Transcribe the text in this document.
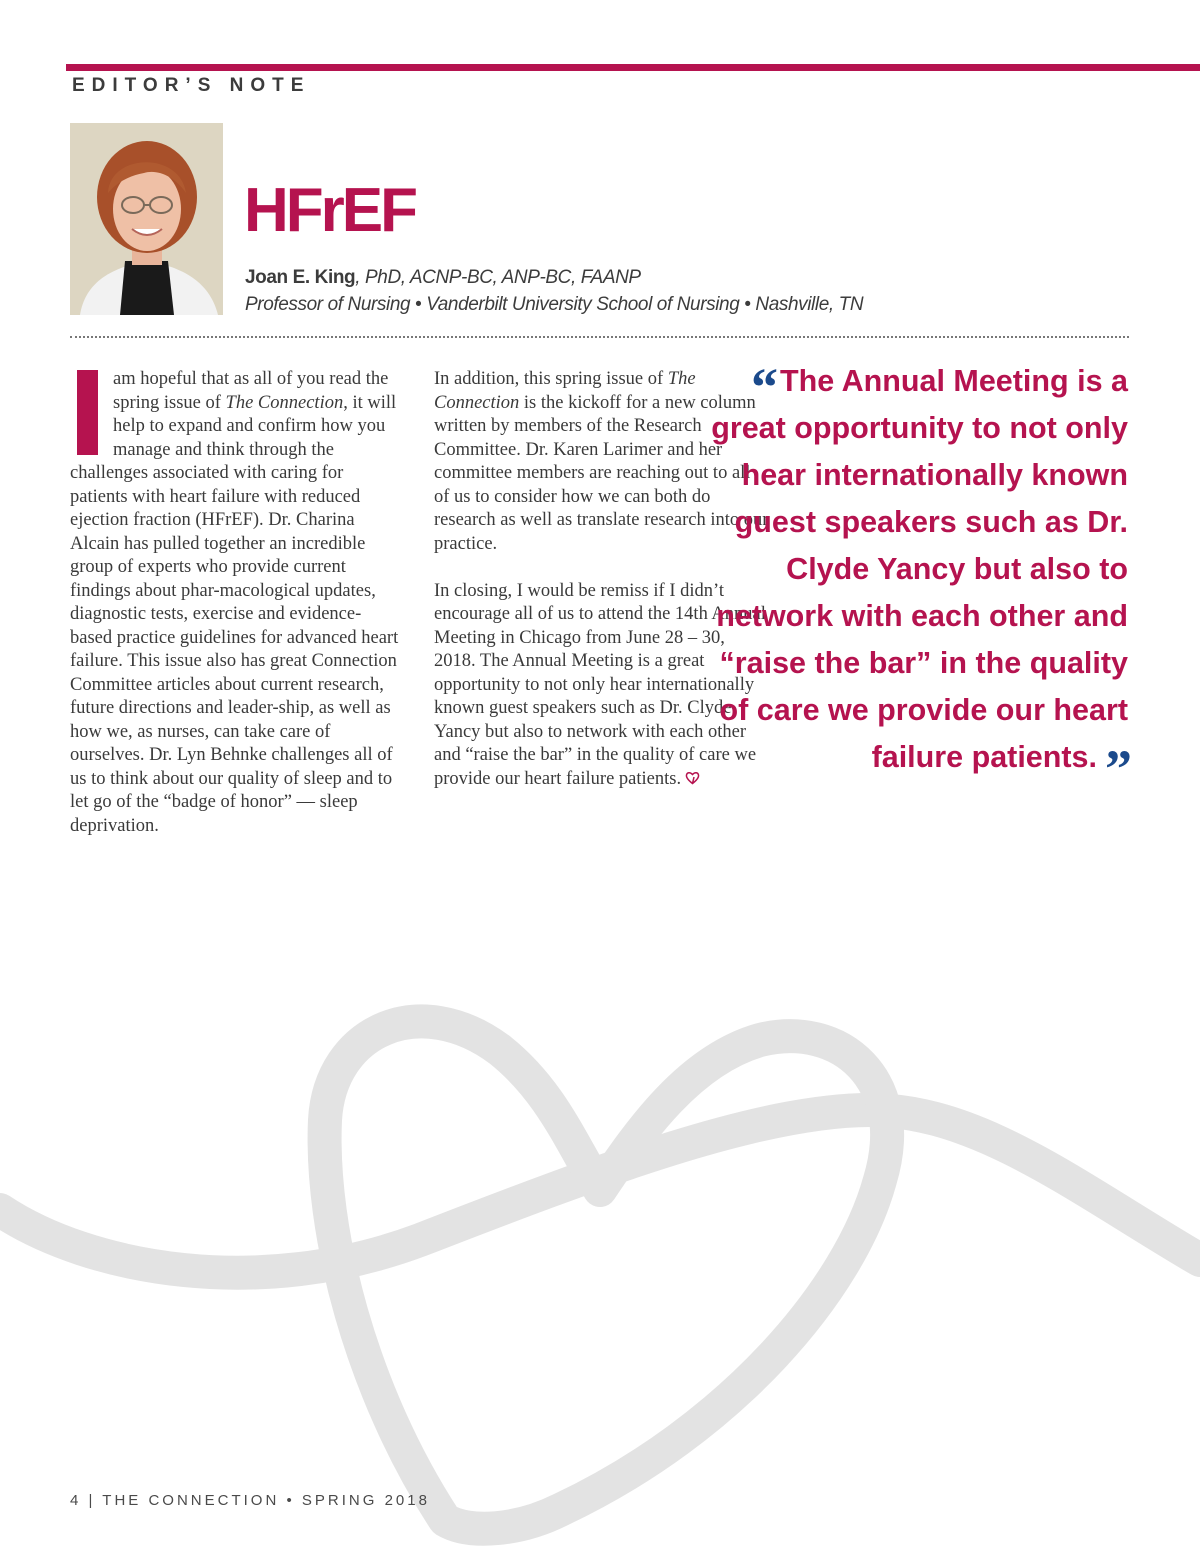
EDITOR’S NOTE
HFrEF
Joan E. King, PhD, ACNP-BC, ANP-BC, FAANP
Professor of Nursing • Vanderbilt University School of Nursing • Nashville, TN

am hopeful that as all of you read the spring issue of The Connection, it will help to expand and confirm how you manage and think through the challenges associated with caring for patients with heart failure with reduced ejection fraction (HFrEF). Dr. Charina Alcain has pulled together an incredible group of experts who provide current findings about phar-macological updates, diagnostic tests, exercise and evidence-based practice guidelines for advanced heart failure. This issue also has great Connection Committee articles about current research, future directions and leader-ship, as well as how we, as nurses, can take care of ourselves. Dr. Lyn Behnke challenges all of us to think about our quality of sleep and to let go of the “badge of honor” — sleep deprivation.

In addition, this spring issue of The Connection is the kickoff for a new column written by members of the Research Committee. Dr. Karen Larimer and her committee members are reaching out to all of us to consider how we can both do research as well as translate research into our practice.

In closing, I would be remiss if I didn’t encourage all of us to attend the 14th Annual Meeting in Chicago from June 28 – 30, 2018. The Annual Meeting is a great opportunity to not only hear internationally known guest speakers such as Dr. Clyde Yancy but also to network with each other and “raise the bar” in the quality of care we provide our heart failure patients.

“ The Annual Meeting is a great opportunity to not only hear internationally known guest speakers such as Dr. Clyde Yancy but also to network with each other and “raise the bar” in the quality of care we provide our heart failure patients. ”
4 | THE CONNECTION • SPRING 2018
